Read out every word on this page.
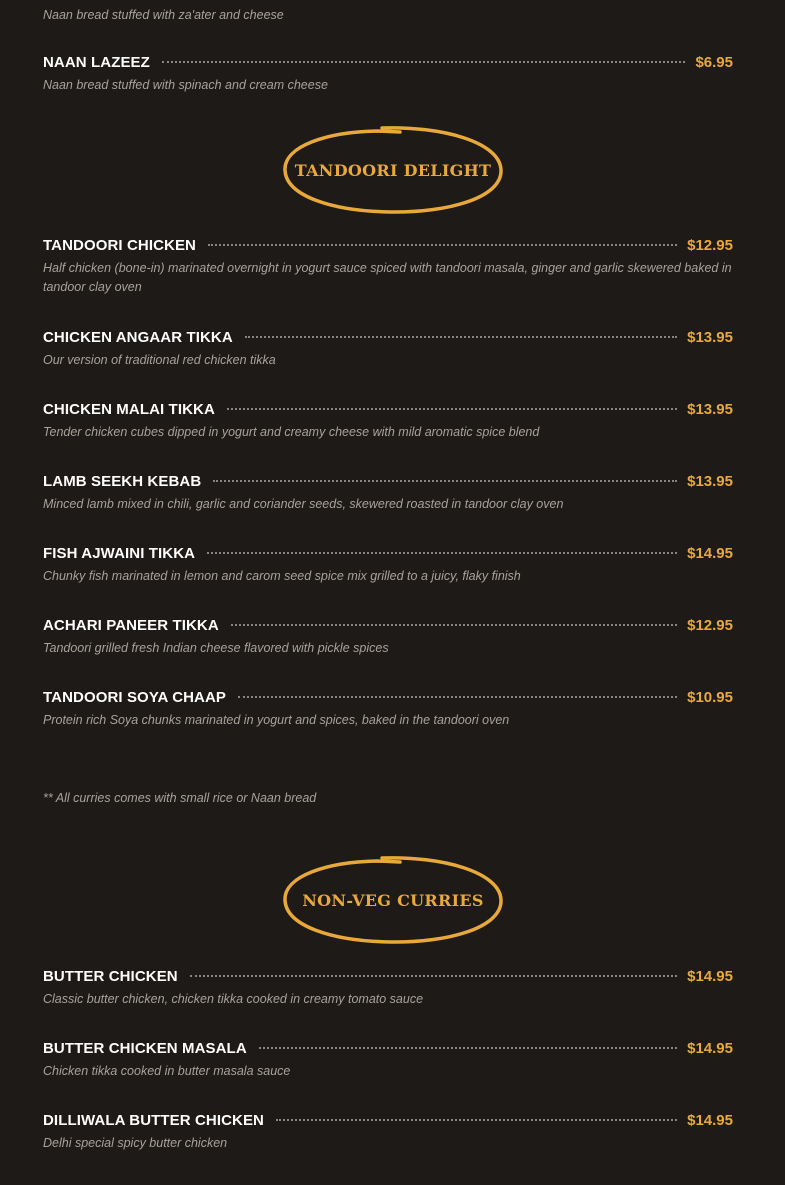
Naan bread stuffed with za'ater and cheese
NAAN LAZEEZ	$6.95
Naan bread stuffed with spinach and cream cheese
TANDOORI DELIGHT
TANDOORI CHICKEN	$12.95
Half chicken (bone-in) marinated overnight in yogurt sauce spiced with tandoori masala, ginger and garlic skewered baked in tandoor clay oven
CHICKEN ANGAAR TIKKA	$13.95
Our version of traditional red chicken tikka
CHICKEN MALAI TIKKA	$13.95
Tender chicken cubes dipped in yogurt and creamy cheese with mild aromatic spice blend
LAMB SEEKH KEBAB	$13.95
Minced lamb mixed in chili, garlic and coriander seeds, skewered roasted in tandoor clay oven
FISH AJWAINI TIKKA	$14.95
Chunky fish marinated in lemon and carom seed spice mix grilled to a juicy, flaky finish
ACHARI PANEER TIKKA	$12.95
Tandoori grilled fresh Indian cheese flavored with pickle spices
TANDOORI SOYA CHAAP	$10.95
Protein rich Soya chunks marinated in yogurt and spices, baked in the tandoori oven
** All curries comes with small rice or Naan bread
NON-VEG CURRIES
BUTTER CHICKEN	$14.95
Classic butter chicken, chicken tikka cooked in creamy tomato sauce
BUTTER CHICKEN MASALA	$14.95
Chicken tikka cooked in butter masala sauce
DILLIWALA BUTTER CHICKEN	$14.95
Delhi special spicy butter chicken
